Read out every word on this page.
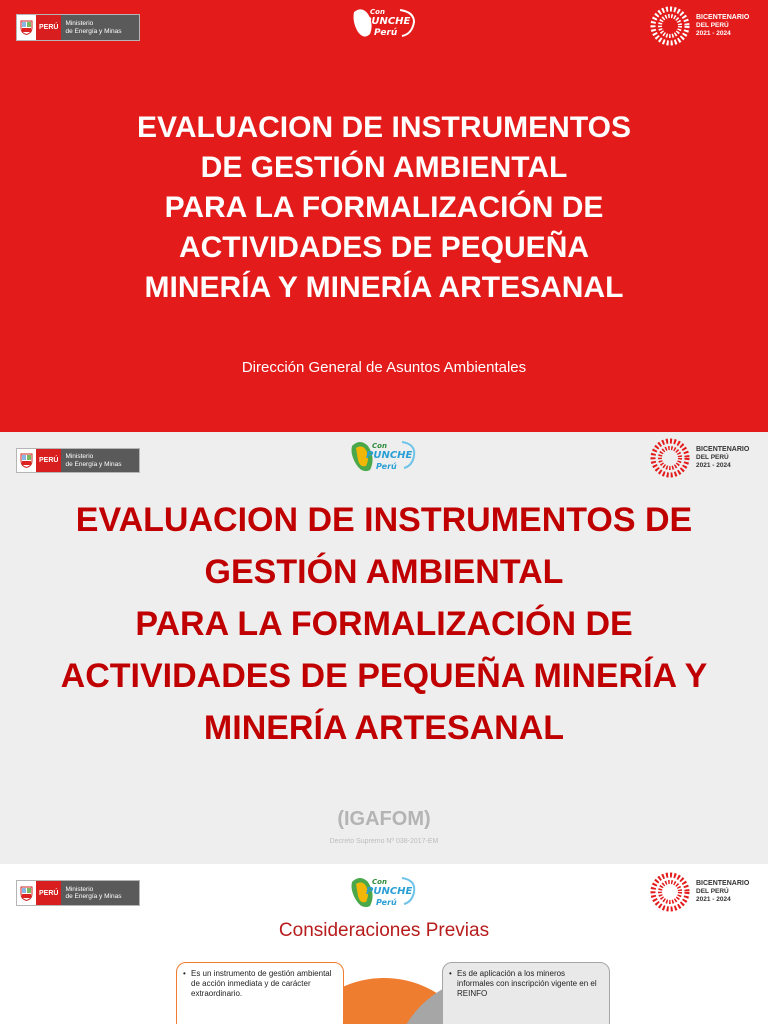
PERÚ
Ministerio
de Energía y Minas
Con
PUNCHE
Perú
BICENTENARIO
DEL PERÚ
2021 - 2024
EVALUACION DE INSTRUMENTOS
DE GESTIÓN AMBIENTAL
PARA LA FORMALIZACIÓN DE
ACTIVIDADES DE PEQUEÑA
MINERÍA Y MINERÍA ARTESANAL
Dirección General de Asuntos Ambientales
PERÚ
Ministerio
de Energía y Minas
Con
PUNCHE
Perú
BICENTENARIO
DEL PERÚ
2021 - 2024
EVALUACION DE INSTRUMENTOS DE
GESTIÓN AMBIENTAL
PARA LA FORMALIZACIÓN DE
ACTIVIDADES DE PEQUEÑA MINERÍA Y
MINERÍA ARTESANAL
(IGAFOM)
Decreto Supremo Nº 038-2017-EM
PERÚ
Ministerio
de Energía y Minas
Con
PUNCHE
Perú
BICENTENARIO
DEL PERÚ
2021 - 2024
Consideraciones Previas
• Es un instrumento de gestión ambiental de acción inmediata y de carácter extraordinario.
• Es de aplicación a los mineros informales con inscripción vigente en el REINFO
